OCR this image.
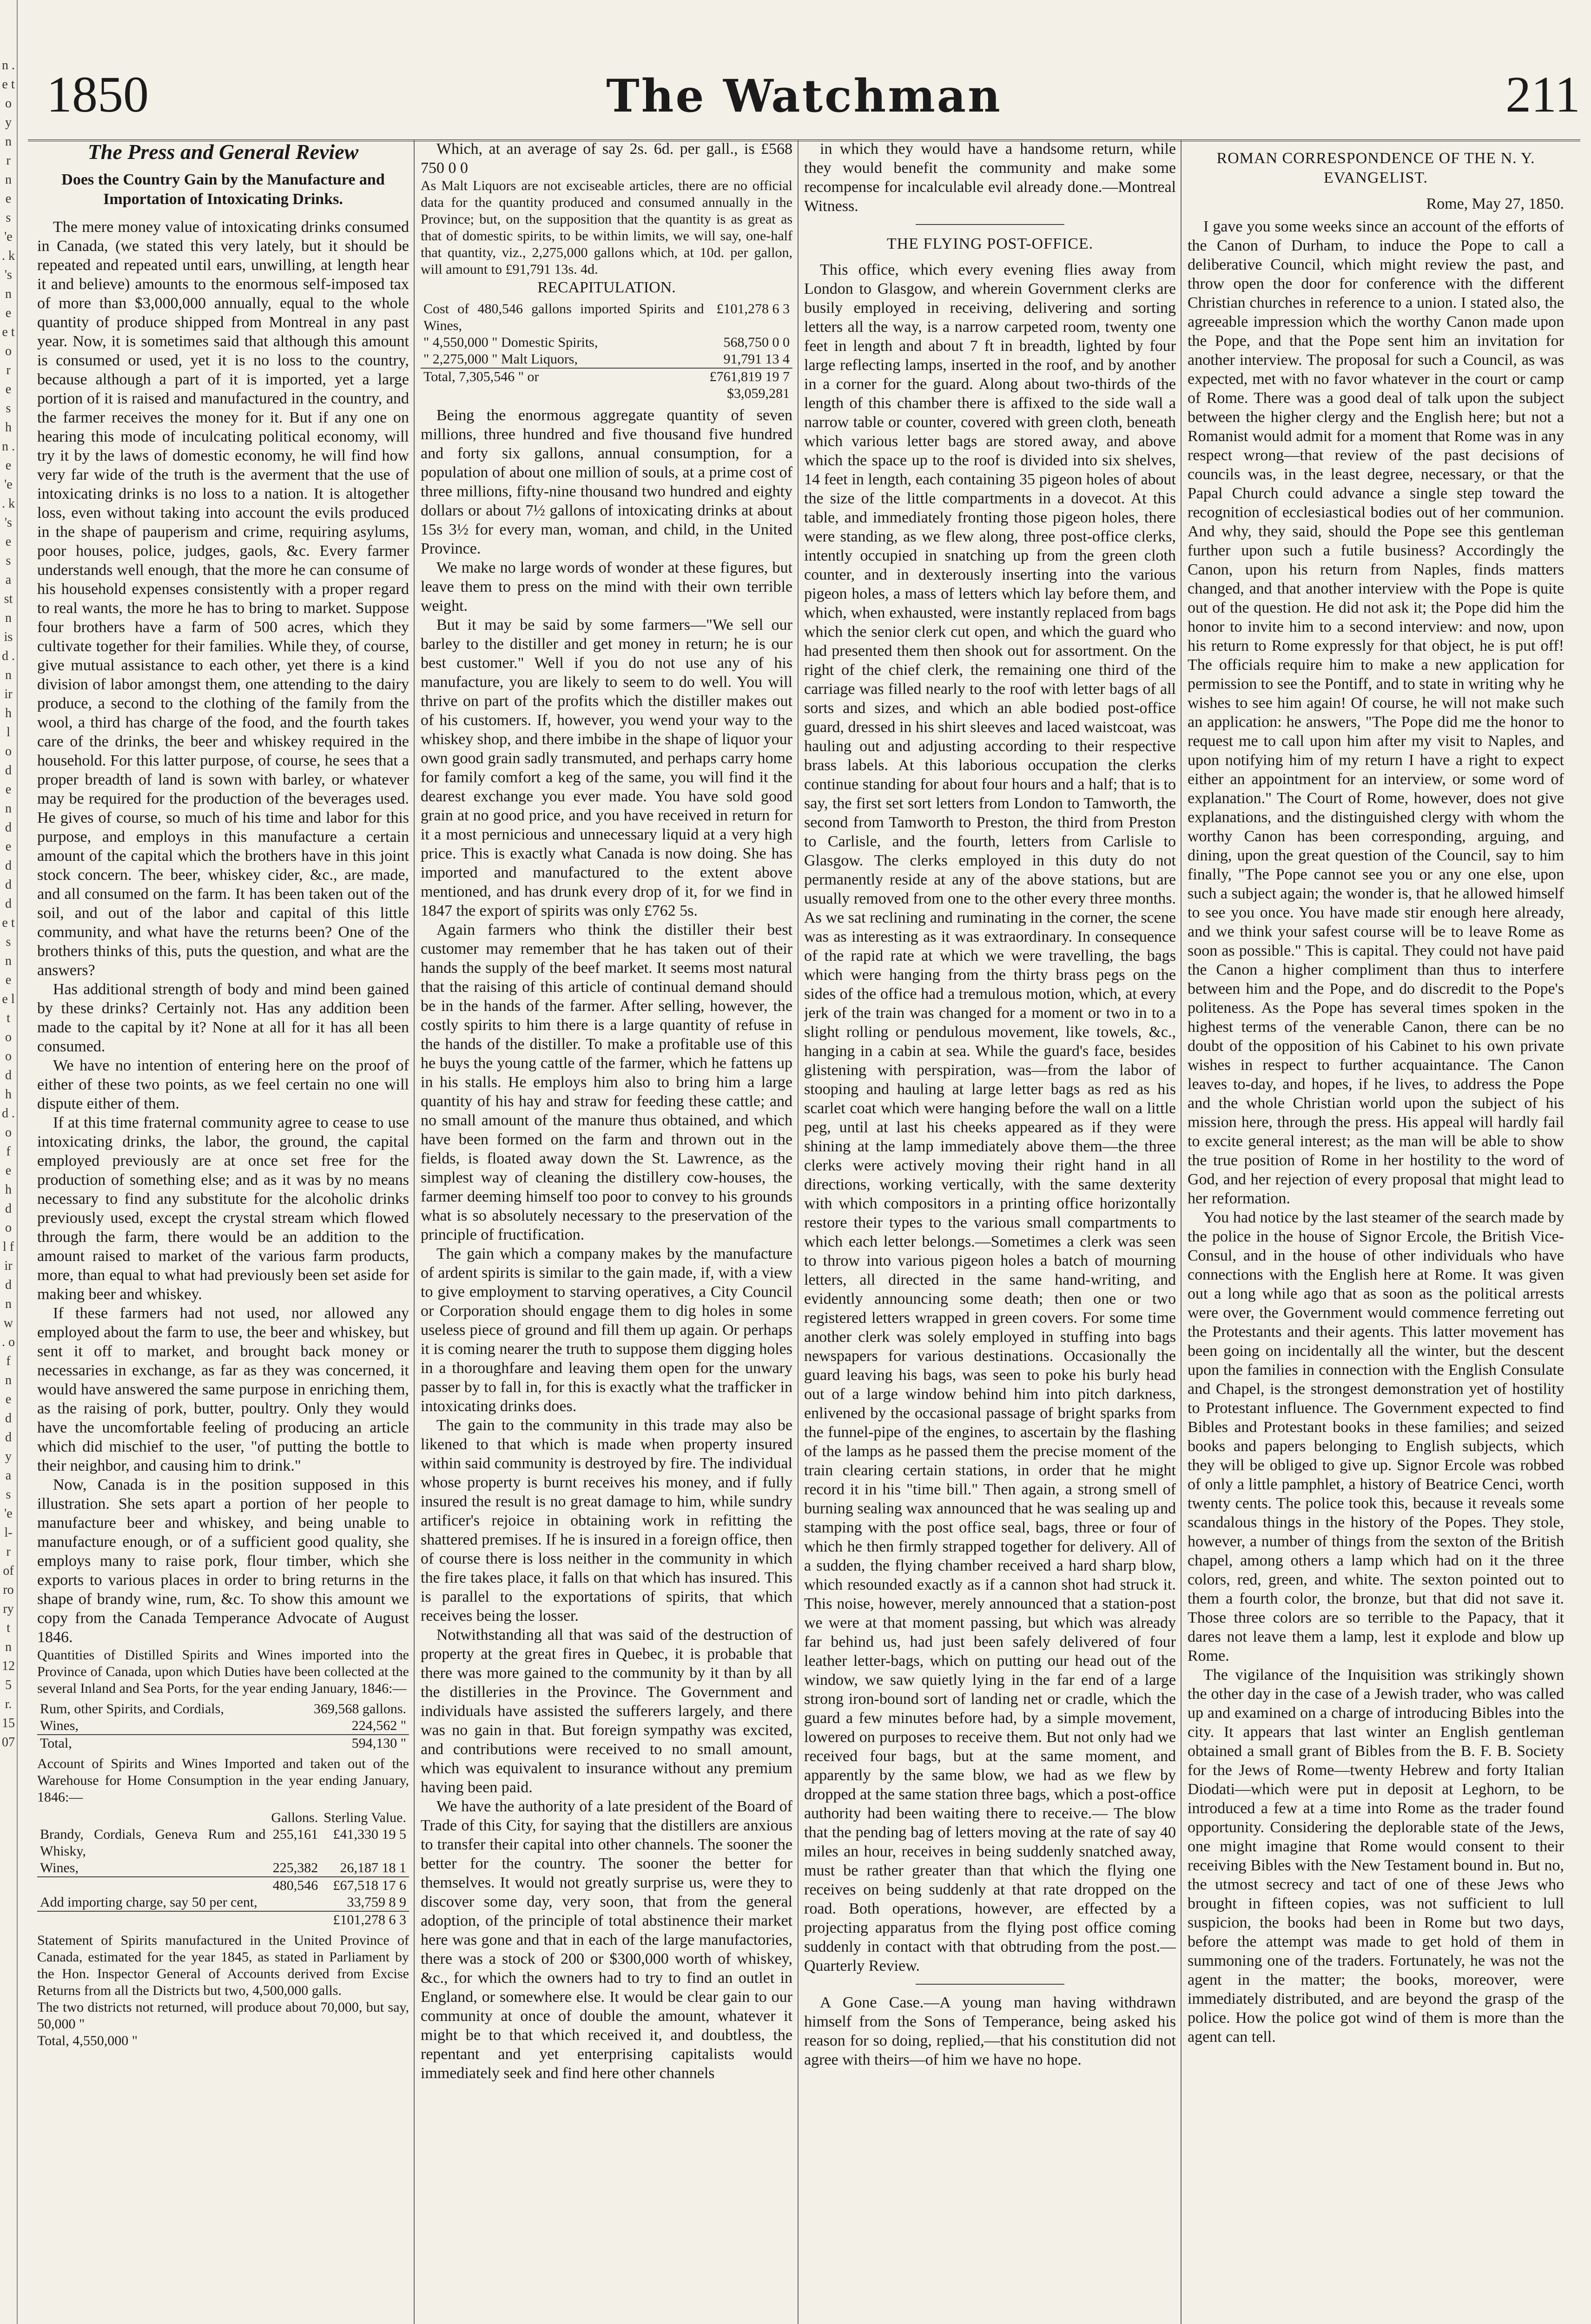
n . e t o y n r n e s 'e . k 's n e e t o r e s h n . e 'e . k 's e s a st n is d . n ir h l o d e n d e d d d e t s n e e l t o o d h d . o f e h d o l f ir d n w . o f n e d d y a s 'e l- r of ro ry t n 12 5 r. 15 07
1850	The Watchman	211
The Press and General Review
Does the Country Gain by the Manufacture and Importation of Intoxicating Drinks.

The mere money value of intoxicating drinks consumed in Canada, (we stated this very lately, but it should be repeated and repeated until ears, unwilling, at length hear it and believe) amounts to the enormous self-imposed tax of more than $3,000,000 annually, equal to the whole quantity of produce shipped from Montreal in any past year. Now, it is sometimes said that although this amount is consumed or used, yet it is no loss to the country, because although a part of it is imported, yet a large portion of it is raised and manufactured in the country, and the farmer receives the money for it. But if any one on hearing this mode of inculcating political economy, will try it by the laws of domestic economy, he will find how very far wide of the truth is the averment that the use of intoxicating drinks is no loss to a nation. It is altogether loss, even without taking into account the evils produced in the shape of pauperism and crime, requiring asylums, poor houses, police, judges, gaols, &c. Every farmer understands well enough, that the more he can consume of his household expenses consistently with a proper regard to real wants, the more he has to bring to market. Suppose four brothers have a farm of 500 acres, which they cultivate together for their families. While they, of course, give mutual assistance to each other, yet there is a kind division of labor amongst them, one attending to the dairy produce, a second to the clothing of the family from the wool, a third has charge of the food, and the fourth takes care of the drinks, the beer and whiskey required in the household. For this latter purpose, of course, he sees that a proper breadth of land is sown with barley, or whatever may be required for the production of the beverages used. He gives of course, so much of his time and labor for this purpose, and employs in this manufacture a certain amount of the capital which the brothers have in this joint stock concern. The beer, whiskey cider, &c., are made, and all consumed on the farm. It has been taken out of the soil, and out of the labor and capital of this little community, and what have the returns been? One of the brothers thinks of this, puts the question, and what are the answers?

Has additional strength of body and mind been gained by these drinks? Certainly not. Has any addition been made to the capital by it? None at all for it has all been consumed.

We have no intention of entering here on the proof of either of these two points, as we feel certain no one will dispute either of them.

If at this time fraternal community agree to cease to use intoxicating drinks, the labor, the ground, the capital employed previously are at once set free for the production of something else; and as it was by no means necessary to find any substitute for the alcoholic drinks previously used, except the crystal stream which flowed through the farm, there would be an addition to the amount raised to market of the various farm products, more, than equal to what had previously been set aside for making beer and whiskey.

If these farmers had not used, nor allowed any employed about the farm to use, the beer and whiskey, but sent it off to market, and brought back money or necessaries in exchange, as far as they was concerned, it would have answered the same purpose in enriching them, as the raising of pork, butter, poultry. Only they would have the uncomfortable feeling of producing an article which did mischief to the user, "of putting the bottle to their neighbor, and causing him to drink."

Now, Canada is in the position supposed in this illustration. She sets apart a portion of her people to manufacture beer and whiskey, and being unable to manufacture enough, or of a sufficient good quality, she employs many to raise pork, flour timber, which she exports to various places in order to bring returns in the shape of brandy wine, rum, &c. To show this amount we copy from the Canada Temperance Advocate of August 1846.

Quantities of Distilled Spirits and Wines imported into the Province of Canada, upon which Duties have been collected at the several Inland and Sea Ports, for the year ending January, 1846:—

Rum, other Spirits, and Cordials,	369,568 gallons.
Wines,	224,562 "
Total,	594,130 "

Account of Spirits and Wines Imported and taken out of the Warehouse for Home Consumption in the year ending January, 1846:—

	Gallons.	Sterling Value.
Brandy, Cordials, Geneva Rum and Whisky,	255,161	£41,330 19 5
Wines,	225,382	26,187 18 1
	480,546	£67,518 17 6
Add importing charge, say 50 per cent,		33,759 8 9
		£101,278 6 3

Statement of Spirits manufactured in the United Province of Canada, estimated for the year 1845, as stated in Parliament by the Hon. Inspector General of Accounts derived from Excise Returns from all the Districts but two, 4,500,000 galls.

The two districts not returned, will produce about 70,000, but say, 50,000 "

Total, 4,550,000 "

Which, at an average of say 2s. 6d. per gall., is £568 750 0 0

As Malt Liquors are not exciseable articles, there are no official data for the quantity produced and consumed annually in the Province; but, on the supposition that the quantity is as great as that of domestic spirits, to be within limits, we will say, one-half that quantity, viz., 2,275,000 gallons which, at 10d. per gallon, will amount to £91,791 13s. 4d.

RECAPITULATION.
Cost of 480,546 gallons imported Spirits and Wines,	£101,278 6 3
" 4,550,000 " Domestic Spirits,	568,750 0 0
" 2,275,000 " Malt Liquors,	91,791 13 4
Total, 7,305,546 " or	£761,819 19 7
	$3,059,281

Being the enormous aggregate quantity of seven millions, three hundred and five thousand five hundred and forty six gallons, annual consumption, for a population of about one million of souls, at a prime cost of three millions, fifty-nine thousand two hundred and eighty dollars or about 7½ gallons of intoxicating drinks at about 15s 3½ for every man, woman, and child, in the United Province.

We make no large words of wonder at these figures, but leave them to press on the mind with their own terrible weight.

But it may be said by some farmers—"We sell our barley to the distiller and get money in return; he is our best customer." Well if you do not use any of his manufacture, you are likely to seem to do well. You will thrive on part of the profits which the distiller makes out of his customers. If, however, you wend your way to the whiskey shop, and there imbibe in the shape of liquor your own good grain sadly transmuted, and perhaps carry home for family comfort a keg of the same, you will find it the dearest exchange you ever made. You have sold good grain at no good price, and you have received in return for it a most pernicious and unnecessary liquid at a very high price. This is exactly what Canada is now doing. She has imported and manufactured to the extent above mentioned, and has drunk every drop of it, for we find in 1847 the export of spirits was only £762 5s.

Again farmers who think the distiller their best customer may remember that he has taken out of their hands the supply of the beef market. It seems most natural that the raising of this article of continual demand should be in the hands of the farmer. After selling, however, the costly spirits to him there is a large quantity of refuse in the hands of the distiller. To make a profitable use of this he buys the young cattle of the farmer, which he fattens up in his stalls. He employs him also to bring him a large quantity of his hay and straw for feeding these cattle; and no small amount of the manure thus obtained, and which have been formed on the farm and thrown out in the fields, is floated away down the St. Lawrence, as the simplest way of cleaning the distillery cow-houses, the farmer deeming himself too poor to convey to his grounds what is so absolutely necessary to the preservation of the principle of fructification.

The gain which a company makes by the manufacture of ardent spirits is similar to the gain made, if, with a view to give employment to starving operatives, a City Council or Corporation should engage them to dig holes in some useless piece of ground and fill them up again. Or perhaps it is coming nearer the truth to suppose them digging holes in a thoroughfare and leaving them open for the unwary passer by to fall in, for this is exactly what the trafficker in intoxicating drinks does.

The gain to the community in this trade may also be likened to that which is made when property insured within said community is destroyed by fire. The individual whose property is burnt receives his money, and if fully insured the result is no great damage to him, while sundry artificer's rejoice in obtaining work in refitting the shattered premises. If he is insured in a foreign office, then of course there is loss neither in the community in which the fire takes place, it falls on that which has insured. This is parallel to the exportations of spirits, that which receives being the losser.

Notwithstanding all that was said of the destruction of property at the great fires in Quebec, it is probable that there was more gained to the community by it than by all the distilleries in the Province. The Government and individuals have assisted the sufferers largely, and there was no gain in that. But foreign sympathy was excited, and contributions were received to no small amount, which was equivalent to insurance without any premium having been paid.

We have the authority of a late president of the Board of Trade of this City, for saying that the distillers are anxious to transfer their capital into other channels. The sooner the better for the country. The sooner the better for themselves. It would not greatly surprise us, were they to discover some day, very soon, that from the general adoption, of the principle of total abstinence their market here was gone and that in each of the large manufactories, there was a stock of 200 or $300,000 worth of whiskey, &c., for which the owners had to try to find an outlet in England, or somewhere else. It would be clear gain to our community at once of double the amount, whatever it might be to that which received it, and doubtless, the repentant and yet enterprising capitalists would immediately seek and find here other channels

in which they would have a handsome return, while they would benefit the community and make some recompense for incalculable evil already done.—Montreal Witness.

THE FLYING POST-OFFICE.

This office, which every evening flies away from London to Glasgow, and wherein Government clerks are busily employed in receiving, delivering and sorting letters all the way, is a narrow carpeted room, twenty one feet in length and about 7 ft in breadth, lighted by four large reflecting lamps, inserted in the roof, and by another in a corner for the guard. Along about two-thirds of the length of this chamber there is affixed to the side wall a narrow table or counter, covered with green cloth, beneath which various letter bags are stored away, and above which the space up to the roof is divided into six shelves, 14 feet in length, each containing 35 pigeon holes of about the size of the little compartments in a dovecot. At this table, and immediately fronting those pigeon holes, there were standing, as we flew along, three post-office clerks, intently occupied in snatching up from the green cloth counter, and in dexterously inserting into the various pigeon holes, a mass of letters which lay before them, and which, when exhausted, were instantly replaced from bags which the senior clerk cut open, and which the guard who had presented them then shook out for assortment. On the right of the chief clerk, the remaining one third of the carriage was filled nearly to the roof with letter bags of all sorts and sizes, and which an able bodied post-office guard, dressed in his shirt sleeves and laced waistcoat, was hauling out and adjusting according to their respective brass labels. At this laborious occupation the clerks continue standing for about four hours and a half; that is to say, the first set sort letters from London to Tamworth, the second from Tamworth to Preston, the third from Preston to Carlisle, and the fourth, letters from Carlisle to Glasgow. The clerks employed in this duty do not permanently reside at any of the above stations, but are usually removed from one to the other every three months. As we sat reclining and ruminating in the corner, the scene was as interesting as it was extraordinary. In consequence of the rapid rate at which we were travelling, the bags which were hanging from the thirty brass pegs on the sides of the office had a tremulous motion, which, at every jerk of the train was changed for a moment or two in to a slight rolling or pendulous movement, like towels, &c., hanging in a cabin at sea. While the guard's face, besides glistening with perspiration, was—from the labor of stooping and hauling at large letter bags as red as his scarlet coat which were hanging before the wall on a little peg, until at last his cheeks appeared as if they were shining at the lamp immediately above them—the three clerks were actively moving their right hand in all directions, working vertically, with the same dexterity with which compositors in a printing office horizontally restore their types to the various small compartments to which each letter belongs.—Sometimes a clerk was seen to throw into various pigeon holes a batch of mourning letters, all directed in the same hand-writing, and evidently announcing some death; then one or two registered letters wrapped in green covers. For some time another clerk was solely employed in stuffing into bags newspapers for various destinations. Occasionally the guard leaving his bags, was seen to poke his burly head out of a large window behind him into pitch darkness, enlivened by the occasional passage of bright sparks from the funnel-pipe of the engines, to ascertain by the flashing of the lamps as he passed them the precise moment of the train clearing certain stations, in order that he might record it in his "time bill." Then again, a strong smell of burning sealing wax announced that he was sealing up and stamping with the post office seal, bags, three or four of which he then firmly strapped together for delivery. All of a sudden, the flying chamber received a hard sharp blow, which resounded exactly as if a cannon shot had struck it. This noise, however, merely announced that a station-post we were at that moment passing, but which was already far behind us, had just been safely delivered of four leather letter-bags, which on putting our head out of the window, we saw quietly lying in the far end of a large strong iron-bound sort of landing net or cradle, which the guard a few minutes before had, by a simple movement, lowered on purposes to receive them. But not only had we received four bags, but at the same moment, and apparently by the same blow, we had as we flew by dropped at the same station three bags, which a post-office authority had been waiting there to receive.— The blow that the pending bag of letters moving at the rate of say 40 miles an hour, receives in being suddenly snatched away, must be rather greater than that which the flying one receives on being suddenly at that rate dropped on the road. Both operations, however, are effected by a projecting apparatus from the flying post office coming suddenly in contact with that obtruding from the post.—Quarterly Review.

A Gone Case.—A young man having withdrawn himself from the Sons of Temperance, being asked his reason for so doing, replied,—that his constitution did not agree with theirs—of him we have no hope.

ROMAN CORRESPONDENCE OF THE N. Y. EVANGELIST.
Rome, May 27, 1850.

I gave you some weeks since an account of the efforts of the Canon of Durham, to induce the Pope to call a deliberative Council, which might review the past, and throw open the door for conference with the different Christian churches in reference to a union. I stated also, the agreeable impression which the worthy Canon made upon the Pope, and that the Pope sent him an invitation for another interview. The proposal for such a Council, as was expected, met with no favor whatever in the court or camp of Rome. There was a good deal of talk upon the subject between the higher clergy and the English here; but not a Romanist would admit for a moment that Rome was in any respect wrong—that review of the past decisions of councils was, in the least degree, necessary, or that the Papal Church could advance a single step toward the recognition of ecclesiastical bodies out of her communion. And why, they said, should the Pope see this gentleman further upon such a futile business? Accordingly the Canon, upon his return from Naples, finds matters changed, and that another interview with the Pope is quite out of the question. He did not ask it; the Pope did him the honor to invite him to a second interview: and now, upon his return to Rome expressly for that object, he is put off! The officials require him to make a new application for permission to see the Pontiff, and to state in writing why he wishes to see him again! Of course, he will not make such an application: he answers, "The Pope did me the honor to request me to call upon him after my visit to Naples, and upon notifying him of my return I have a right to expect either an appointment for an interview, or some word of explanation." The Court of Rome, however, does not give explanations, and the distinguished clergy with whom the worthy Canon has been corresponding, arguing, and dining, upon the great question of the Council, say to him finally, "The Pope cannot see you or any one else, upon such a subject again; the wonder is, that he allowed himself to see you once. You have made stir enough here already, and we think your safest course will be to leave Rome as soon as possible." This is capital. They could not have paid the Canon a higher compliment than thus to interfere between him and the Pope, and do discredit to the Pope's politeness. As the Pope has several times spoken in the highest terms of the venerable Canon, there can be no doubt of the opposition of his Cabinet to his own private wishes in respect to further acquaintance. The Canon leaves to-day, and hopes, if he lives, to address the Pope and the whole Christian world upon the subject of his mission here, through the press. His appeal will hardly fail to excite general interest; as the man will be able to show the true position of Rome in her hostility to the word of God, and her rejection of every proposal that might lead to her reformation.

You had notice by the last steamer of the search made by the police in the house of Signor Ercole, the British Vice-Consul, and in the house of other individuals who have connections with the English here at Rome. It was given out a long while ago that as soon as the political arrests were over, the Government would commence ferreting out the Protestants and their agents. This latter movement has been going on incidentally all the winter, but the descent upon the families in connection with the English Consulate and Chapel, is the strongest demonstration yet of hostility to Protestant influence. The Government expected to find Bibles and Protestant books in these families; and seized books and papers belonging to English subjects, which they will be obliged to give up. Signor Ercole was robbed of only a little pamphlet, a history of Beatrice Cenci, worth twenty cents. The police took this, because it reveals some scandalous things in the history of the Popes. They stole, however, a number of things from the sexton of the British chapel, among others a lamp which had on it the three colors, red, green, and white. The sexton pointed out to them a fourth color, the bronze, but that did not save it. Those three colors are so terrible to the Papacy, that it dares not leave them a lamp, lest it explode and blow up Rome.

The vigilance of the Inquisition was strikingly shown the other day in the case of a Jewish trader, who was called up and examined on a charge of introducing Bibles into the city. It appears that last winter an English gentleman obtained a small grant of Bibles from the B. F. B. Society for the Jews of Rome—twenty Hebrew and forty Italian Diodati—which were put in deposit at Leghorn, to be introduced a few at a time into Rome as the trader found opportunity. Considering the deplorable state of the Jews, one might imagine that Rome would consent to their receiving Bibles with the New Testament bound in. But no, the utmost secrecy and tact of one of these Jews who brought in fifteen copies, was not sufficient to lull suspicion, the books had been in Rome but two days, before the attempt was made to get hold of them in summoning one of the traders. Fortunately, he was not the agent in the matter; the books, moreover, were immediately distributed, and are beyond the grasp of the police. How the police got wind of them is more than the agent can tell.
